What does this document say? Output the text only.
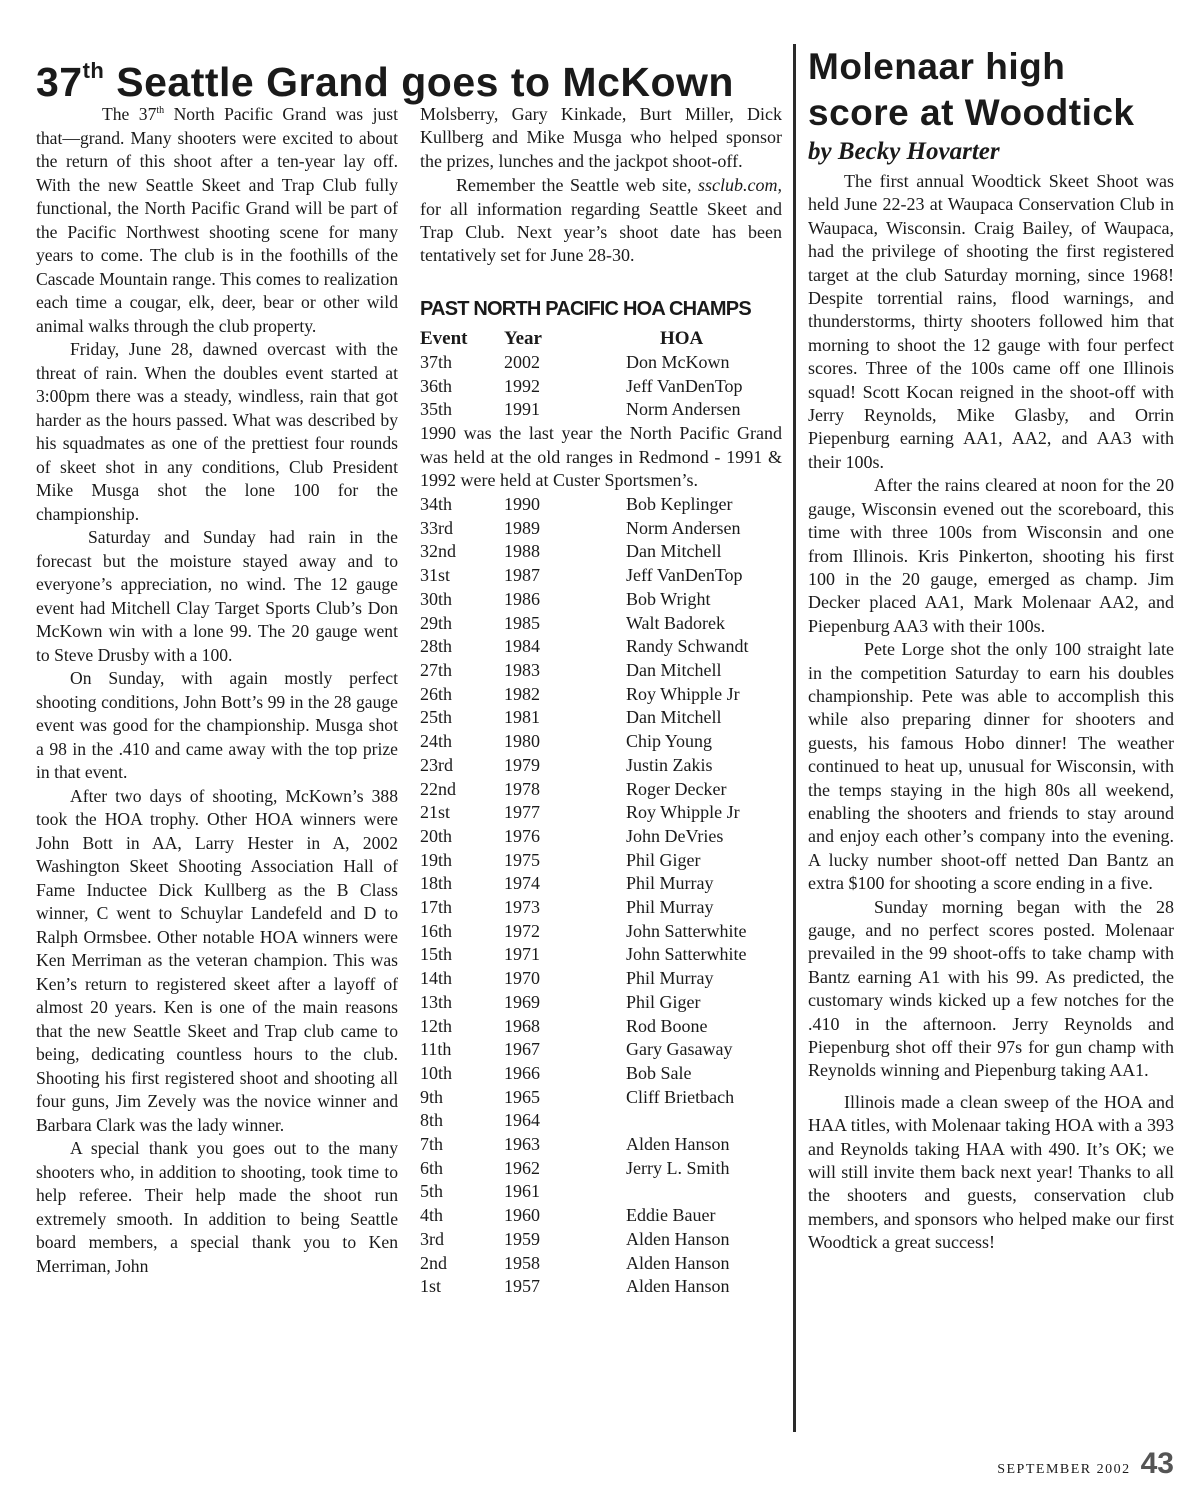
37th Seattle Grand goes to McKown

The 37th North Pacific Grand was just that—grand. Many shooters were excited to about the return of this shoot after a ten-year lay off. With the new Seattle Skeet and Trap Club fully functional, the North Pacific Grand will be part of the Pacific Northwest shooting scene for many years to come. The club is in the foothills of the Cascade Mountain range. This comes to realization each time a cougar, elk, deer, bear or other wild animal walks through the club property.

Friday, June 28, dawned overcast with the threat of rain. When the doubles event started at 3:00pm there was a steady, windless, rain that got harder as the hours passed. What was described by his squadmates as one of the prettiest four rounds of skeet shot in any conditions, Club President Mike Musga shot the lone 100 for the championship.

Saturday and Sunday had rain in the forecast but the moisture stayed away and to everyone’s appreciation, no wind. The 12 gauge event had Mitchell Clay Target Sports Club’s Don McKown win with a lone 99. The 20 gauge went to Steve Drusby with a 100.

On Sunday, with again mostly perfect shooting conditions, John Bott’s 99 in the 28 gauge event was good for the championship. Musga shot a 98 in the .410 and came away with the top prize in that event.

After two days of shooting, McKown’s 388 took the HOA trophy. Other HOA winners were John Bott in AA, Larry Hester in A, 2002 Washington Skeet Shooting Association Hall of Fame Inductee Dick Kullberg as the B Class winner, C went to Schuylar Landefeld and D to Ralph Ormsbee. Other notable HOA winners were Ken Merriman as the veteran champion. This was Ken’s return to registered skeet after a layoff of almost 20 years. Ken is one of the main reasons that the new Seattle Skeet and Trap club came to being, dedicating countless hours to the club. Shooting his first registered shoot and shooting all four guns, Jim Zevely was the novice winner and Barbara Clark was the lady winner.

A special thank you goes out to the many shooters who, in addition to shooting, took time to help referee. Their help made the shoot run extremely smooth. In addition to being Seattle board members, a special thank you to Ken Merriman, John

Molsberry, Gary Kinkade, Burt Miller, Dick Kullberg and Mike Musga who helped sponsor the prizes, lunches and the jackpot shoot-off.

Remember the Seattle web site, ssclub.com, for all information regarding Seattle Skeet and Trap Club. Next year’s shoot date has been tentatively set for June 28-30.

PAST NORTH PACIFIC HOA CHAMPS
Event	Year	HOA
37th	2002	Don McKown
36th	1992	Jeff VanDenTop
35th	1991	Norm Andersen

1990 was the last year the North Pacific Grand was held at the old ranges in Redmond - 1991 & 1992 were held at Custer Sportsmen’s.

34th	1990	Bob Keplinger
33rd	1989	Norm Andersen
32nd	1988	Dan Mitchell
31st	1987	Jeff VanDenTop
30th	1986	Bob Wright
29th	1985	Walt Badorek
28th	1984	Randy Schwandt
27th	1983	Dan Mitchell
26th	1982	Roy Whipple Jr
25th	1981	Dan Mitchell
24th	1980	Chip Young
23rd	1979	Justin Zakis
22nd	1978	Roger Decker
21st	1977	Roy Whipple Jr
20th	1976	John DeVries
19th	1975	Phil Giger
18th	1974	Phil Murray
17th	1973	Phil Murray
16th	1972	John Satterwhite
15th	1971	John Satterwhite
14th	1970	Phil Murray
13th	1969	Phil Giger
12th	1968	Rod Boone
11th	1967	Gary Gasaway
10th	1966	Bob Sale
9th	1965	Cliff Brietbach
8th	1964	
7th	1963	Alden Hanson
6th	1962	Jerry L. Smith
5th	1961	
4th	1960	Eddie Bauer
3rd	1959	Alden Hanson
2nd	1958	Alden Hanson
1st	1957	Alden Hanson
Molenaar high
score at Woodtick
by Becky Hovarter

The first annual Woodtick Skeet Shoot was held June 22-23 at Waupaca Conservation Club in Waupaca, Wisconsin. Craig Bailey, of Waupaca, had the privilege of shooting the first registered target at the club Saturday morning, since 1968! Despite torrential rains, flood warnings, and thunderstorms, thirty shooters followed him that morning to shoot the 12 gauge with four perfect scores. Three of the 100s came off one Illinois squad! Scott Kocan reigned in the shoot-off with Jerry Reynolds, Mike Glasby, and Orrin Piepenburg earning AA1, AA2, and AA3 with their 100s.

After the rains cleared at noon for the 20 gauge, Wisconsin evened out the scoreboard, this time with three 100s from Wisconsin and one from Illinois. Kris Pinkerton, shooting his first 100 in the 20 gauge, emerged as champ. Jim Decker placed AA1, Mark Molenaar AA2, and Piepenburg AA3 with their 100s.

Pete Lorge shot the only 100 straight late in the competition Saturday to earn his doubles championship. Pete was able to accomplish this while also preparing dinner for shooters and guests, his famous Hobo dinner! The weather continued to heat up, unusual for Wisconsin, with the temps staying in the high 80s all weekend, enabling the shooters and friends to stay around and enjoy each other’s company into the evening. A lucky number shoot-off netted Dan Bantz an extra $100 for shooting a score ending in a five.

Sunday morning began with the 28 gauge, and no perfect scores posted. Molenaar prevailed in the 99 shoot-offs to take champ with Bantz earning A1 with his 99. As predicted, the customary winds kicked up a few notches for the .410 in the afternoon. Jerry Reynolds and Piepenburg shot off their 97s for gun champ with Reynolds winning and Piepenburg taking AA1.

Illinois made a clean sweep of the HOA and HAA titles, with Molenaar taking HOA with a 393 and Reynolds taking HAA with 490. It’s OK; we will still invite them back next year! Thanks to all the shooters and guests, conservation club members, and sponsors who helped make our first Woodtick a great success!

SEPTEMBER 2002 43
